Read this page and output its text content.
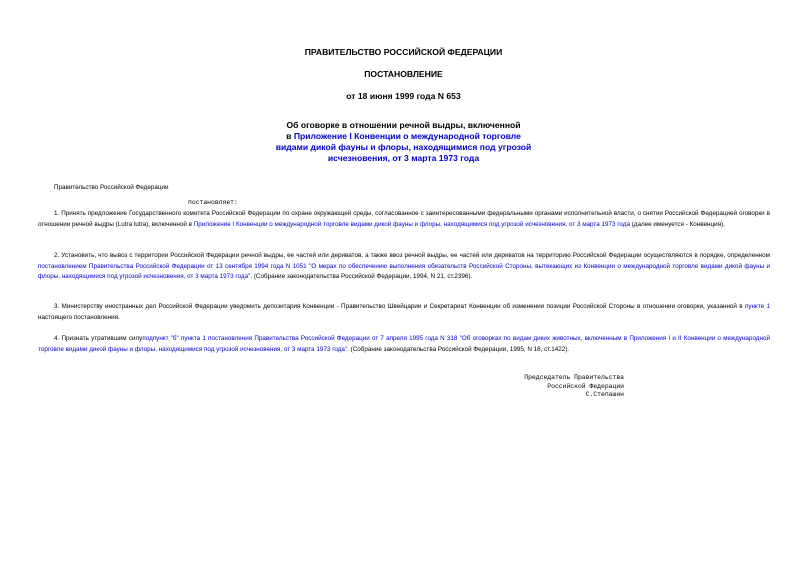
ПРАВИТЕЛЬСТВО РОССИЙСКОЙ ФЕДЕРАЦИИ
ПОСТАНОВЛЕНИЕ
от 18 июня 1999 года N 653
Об оговорке в отношении речной выдры, включенной
в Приложение I Конвенции о международной торговле
видами дикой фауны и флоры, находящимися под угрозой
исчезновения, от 3 марта 1973 года
Правительство Российской Федерации
постановляет:
1. Принять предложение Государственного комитета Российской Федерации по охране окружающей среды, согласованное с заинтересованными федеральными органами исполнительной власти, о снятии Российской Федерацией оговорки в отношении речной выдры (Lutra lutra), включенной в Приложение I Конвенции о международной торговле видами дикой фауны и флоры, находящимися под угрозой исчезновения, от 3 марта 1973 года (далее именуется - Конвенция).
2. Установить, что вывоз с территории Российской Федерации речной выдры, ее частей или дериватов, а также ввоз речной выдры, ее частей или дериватов на территорию Российской Федерации осуществляются в порядке, определенном постановлением Правительства Российской Федерации от 13 сентября 1994 года N 1051 "О мерах по обеспечению выполнения обязательств Российской Стороны, вытекающих из Конвенции о международной торговле видами дикой фауны и флоры, находящимися под угрозой исчезновения, от 3 марта 1973 года". (Собрание законодательства Российской Федерации, 1994, N 21, ст.2396).
3. Министерству иностранных дел Российской Федерации уведомить депозитария Конвенции - Правительство Швейцарии и Секретариат Конвенции об изменении позиции Российской Стороны в отношении оговорки, указанной в пункте 1 настоящего постановления.
4. Признать утратившим силуподпункт "б" пункта 1 постановления Правительства Российской Федерации от 7 апреля 1995 года N 318 "Об оговорках по видам диких животных, включенным в Приложения I и II Конвенции о международной торговле видами дикой фауны и флоры, находящимися под угрозой исчезновения, от 3 марта 1973 года". (Собрание законодательства Российской Федерации, 1995, N 16, ст.1422).
Председатель Правительства
Российской Федерации
С.Степашин
